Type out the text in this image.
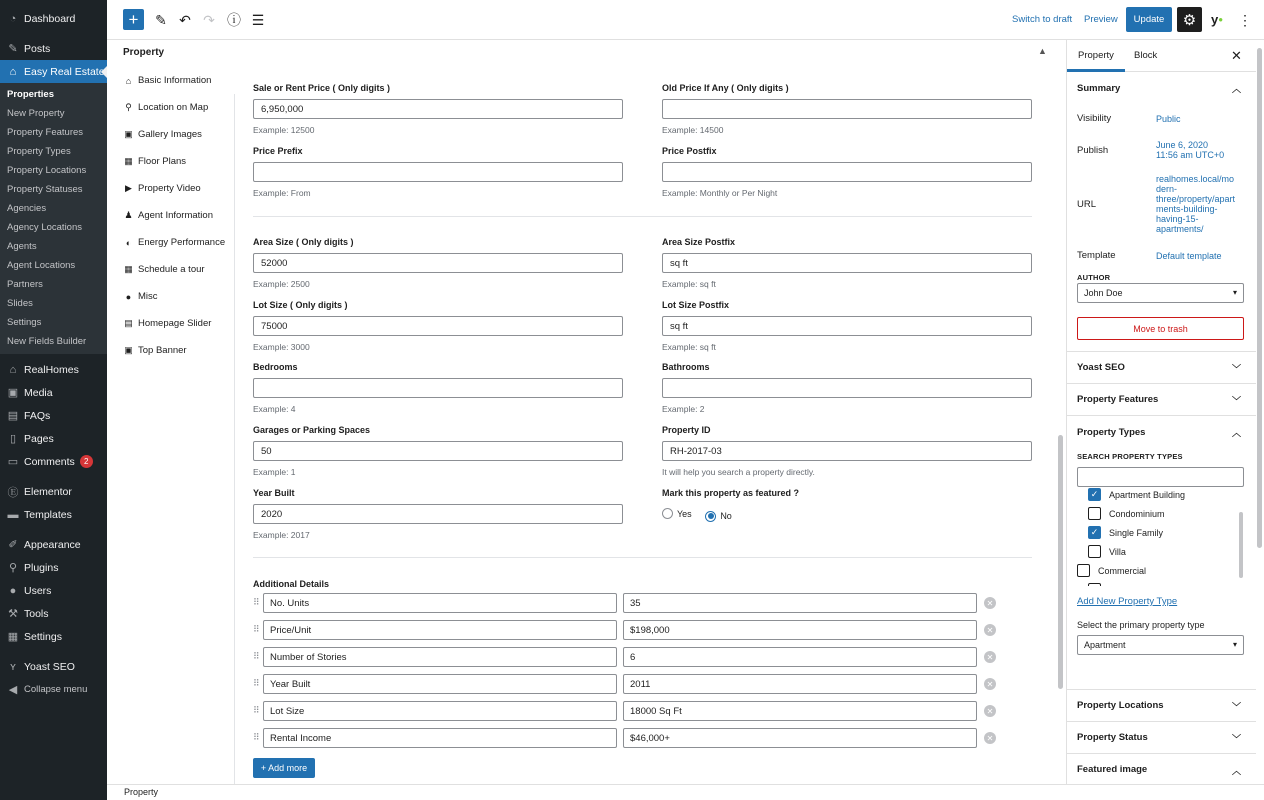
◔ Dashboard
✎ Posts
⌂ Easy Real Estate
Properties
New Property
Property Features
Property Types
Property Locations
Property Statuses
Agencies
Agency Locations
Agents
Agent Locations
Partners
Slides
Settings
New Fields Builder
⌂ RealHomes
▣ Media
▤ FAQs
▯ Pages
▭ Comments	2
Ⓔ Elementor
▬ Templates
✐ Appearance
⚲ Plugins
● Users
⚒ Tools
▦ Settings
ʏ Yoast SEO
◀ Collapse menu
+ ✎ ↶ ↷ ⓘ ☰	Switch to draft Preview	Update	⚙ y ● ⋮
Property	▲
⌂ Basic Information
⚲ Location on Map
▣ Gallery Images
▦ Floor Plans
▶ Property Video
♟ Agent Information
◐ Energy Performance
▦ Schedule a tour
● Misc
▤ Homepage Slider
▣ Top Banner
Sale or Rent Price ( Only digits )
6,950,000
Example: 12500
Old Price If Any ( Only digits )
Example: 14500
Price Prefix
Example: From
Price Postfix
Example: Monthly or Per Night
Area Size ( Only digits )
52000
Example: 2500
Area Size Postfix
sq ft
Example: sq ft
Lot Size ( Only digits )
75000
Example: 3000
Lot Size Postfix
sq ft
Example: sq ft
Bedrooms
Example: 4
Bathrooms
Example: 2
Garages or Parking Spaces
50
Example: 1
Property ID
RH-2017-03
It will help you search a property directly.
Year Built
2020
Example: 2017
Mark this property as featured ?
Yes
	No
Additional Details
⠿	No. Units	35	✕
⠿	Price/Unit	$198,000	✕
⠿	Number of Stories	6	✕
⠿	Year Built	2011	✕
⠿	Lot Size	18000 Sq Ft	✕
⠿	Rental Income	$46,000+	✕
+ Add more
Property
Property Block	✕
Summary	︿
Visibility	Public
Publish	June 6, 2020
11:56 am UTC+0
URL
realhomes.local/mo
dern-
three/property/apart
ments-building-
having-15-
apartments/
Template	Default template
AUTHOR
John Doe	▾
Move to trash
Yoast SEO	﹀
Property Features	﹀
Property Types	︿
SEARCH PROPERTY TYPES
✓	Apartment Building
Condominium
✓	Single Family
Villa
Commercial
Add New Property Type
Select the primary property type
Apartment	▾
Property Locations	﹀
Property Status	﹀
Featured image	︿
